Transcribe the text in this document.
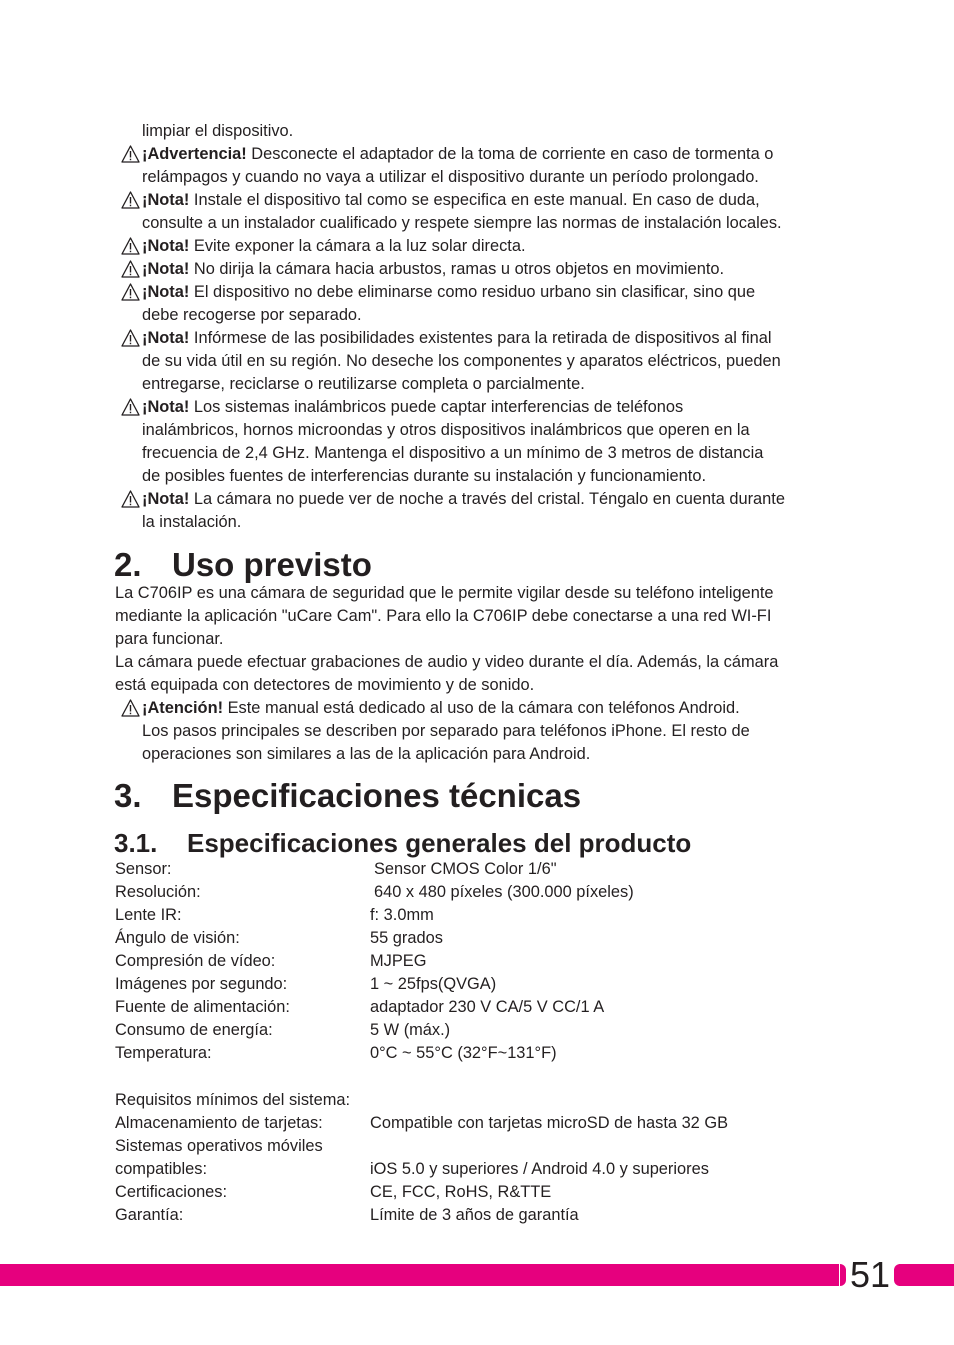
limpiar el dispositivo.
¡Advertencia! Desconecte el adaptador de la toma de corriente en caso de tormenta o
relámpagos y cuando no vaya a utilizar el dispositivo durante un período prolongado.
¡Nota! Instale el dispositivo tal como se especifica en este manual. En caso de duda,
consulte a un instalador cualificado y respete siempre las normas de instalación locales.
¡Nota! Evite exponer la cámara a la luz solar directa.
¡Nota! No dirija la cámara hacia arbustos, ramas u otros objetos en movimiento.
¡Nota! El dispositivo no debe eliminarse como residuo urbano sin clasificar, sino que
debe recogerse por separado.
¡Nota! Infórmese de las posibilidades existentes para la retirada de dispositivos al final
de su vida útil en su región. No deseche los componentes y aparatos eléctricos, pueden
entregarse, reciclarse o reutilizarse completa o parcialmente.
¡Nota! Los sistemas inalámbricos puede captar interferencias de teléfonos
inalámbricos, hornos microondas y otros dispositivos inalámbricos que operen en la
frecuencia de 2,4 GHz. Mantenga el dispositivo a un mínimo de 3 metros de distancia
de posibles fuentes de interferencias durante su instalación y funcionamiento.
¡Nota! La cámara no puede ver de noche a través del cristal. Téngalo en cuenta durante
la instalación.
2. Uso previsto
La C706IP es una cámara de seguridad que le permite vigilar desde su teléfono inteligente
mediante la aplicación "uCare Cam". Para ello la C706IP debe conectarse a una red WI-FI
para funcionar.
La cámara puede efectuar grabaciones de audio y video durante el día. Además, la cámara
está equipada con detectores de movimiento y de sonido.
¡Atención! Este manual está dedicado al uso de la cámara con teléfonos Android.
Los pasos principales se describen por separado para teléfonos iPhone. El resto de
operaciones son similares a las de la aplicación para Android.
3. Especificaciones técnicas
3.1. Especificaciones generales del producto
Sensor:	Sensor CMOS Color 1/6"
Resolución:	640 x 480 píxeles (300.000 píxeles)
Lente IR:	f: 3.0mm
Ángulo de visión:	55 grados
Compresión de vídeo:	MJPEG
Imágenes por segundo:	1 ~ 25fps(QVGA)
Fuente de alimentación:	adaptador 230 V CA/5 V CC/1 A
Consumo de energía:	5 W (máx.)
Temperatura:	0°C ~ 55°C (32°F~131°F)
Requisitos mínimos del sistema:
Almacenamiento de tarjetas:	Compatible con tarjetas microSD de hasta 32 GB
Sistemas operativos móviles
compatibles:	iOS 5.0 y superiores / Android 4.0 y superiores
Certificaciones:	CE, FCC, RoHS, R&TTE
Garantía:	Límite de 3 años de garantía
51
